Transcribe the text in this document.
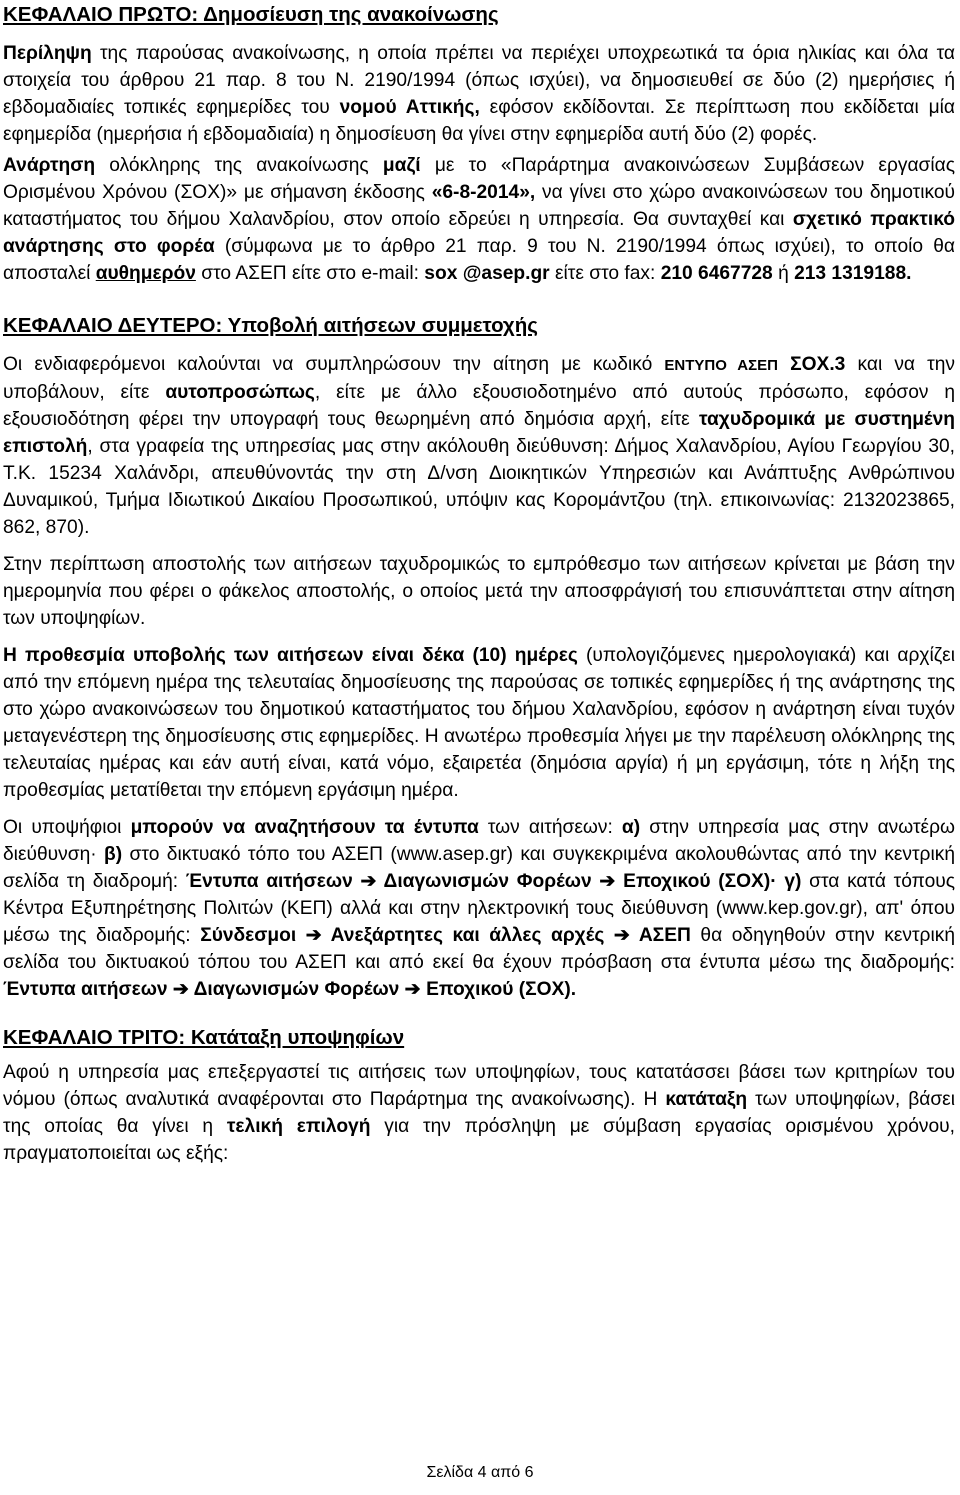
ΚΕΦΑΛΑΙΟ ΠΡΩΤΟ: Δημοσίευση της ανακοίνωσης

Περίληψη της παρούσας ανακοίνωσης, η οποία πρέπει να περιέχει υποχρεωτικά τα όρια ηλικίας και όλα τα στοιχεία του άρθρου 21 παρ. 8 του Ν. 2190/1994 (όπως ισχύει), να δημοσιευθεί σε δύο (2) ημερήσιες ή εβδομαδιαίες τοπικές εφημερίδες του νομού Αττικής, εφόσον εκδίδονται. Σε περίπτωση που εκδίδεται μία εφημερίδα (ημερήσια ή εβδομαδιαία) η δημοσίευση θα γίνει στην εφημερίδα αυτή δύο (2) φορές.

Ανάρτηση ολόκληρης της ανακοίνωσης μαζί με το «Παράρτημα ανακοινώσεων Συμβάσεων εργασίας Ορισμένου Χρόνου (ΣΟΧ)» με σήμανση έκδοσης «6-8-2014», να γίνει στο χώρο ανακοινώσεων του δημοτικού καταστήματος του δήμου Χαλανδρίου, στον οποίο εδρεύει η υπηρεσία. Θα συνταχθεί και σχετικό πρακτικό ανάρτησης στο φορέα (σύμφωνα με το άρθρο 21 παρ. 9 του Ν. 2190/1994 όπως ισχύει), το οποίο θα αποσταλεί αυθημερόν στο ΑΣΕΠ είτε στο e-mail: sox @asep.gr είτε στο fax: 210 6467728 ή 213 1319188.

ΚΕΦΑΛΑΙΟ ΔΕΥΤΕΡΟ: Υποβολή αιτήσεων συμμετοχής

Οι ενδιαφερόμενοι καλούνται να συμπληρώσουν την αίτηση με κωδικό ΕΝΤΥΠΟ ΑΣΕΠ ΣΟΧ.3 και να την υποβάλουν, είτε αυτοπροσώπως, είτε με άλλο εξουσιοδοτημένο από αυτούς πρόσωπο, εφόσον η εξουσιοδότηση φέρει την υπογραφή τους θεωρημένη από δημόσια αρχή, είτε ταχυδρομικά με συστημένη επιστολή, στα γραφεία της υπηρεσίας μας στην ακόλουθη διεύθυνση: Δήμος Χαλανδρίου, Αγίου Γεωργίου 30, Τ.Κ. 15234 Χαλάνδρι, απευθύνοντάς την στη Δ/νση Διοικητικών Υπηρεσιών και Ανάπτυξης Ανθρώπινου Δυναμικού, Τμήμα Ιδιωτικού Δικαίου Προσωπικού, υπόψιν κας Κορομάντζου (τηλ. επικοινωνίας: 2132023865, 862, 870).

Στην περίπτωση αποστολής των αιτήσεων ταχυδρομικώς το εμπρόθεσμο των αιτήσεων κρίνεται με βάση την ημερομηνία που φέρει ο φάκελος αποστολής, ο οποίος μετά την αποσφράγισή του επισυνάπτεται στην αίτηση των υποψηφίων.

Η προθεσμία υποβολής των αιτήσεων είναι δέκα (10) ημέρες (υπολογιζόμενες ημερολογιακά) και αρχίζει από την επόμενη ημέρα της τελευταίας δημοσίευσης της παρούσας σε τοπικές εφημερίδες ή της ανάρτησης της στο χώρο ανακοινώσεων του δημοτικού καταστήματος του δήμου Χαλανδρίου, εφόσον η ανάρτηση είναι τυχόν μεταγενέστερη της δημοσίευσης στις εφημερίδες. Η ανωτέρω προθεσμία λήγει με την παρέλευση ολόκληρης της τελευταίας ημέρας και εάν αυτή είναι, κατά νόμο, εξαιρετέα (δημόσια αργία) ή μη εργάσιμη, τότε η λήξη της προθεσμίας μετατίθεται την επόμενη εργάσιμη ημέρα.

Οι υποψήφιοι μπορούν να αναζητήσουν τα έντυπα των αιτήσεων: α) στην υπηρεσία μας στην ανωτέρω διεύθυνση· β) στο δικτυακό τόπο του ΑΣΕΠ (www.asep.gr) και συγκεκριμένα ακολουθώντας από την κεντρική σελίδα τη διαδρομή: Έντυπα αιτήσεων ➔ Διαγωνισμών Φορέων ➔ Εποχικού (ΣΟΧ)· γ) στα κατά τόπους Κέντρα Εξυπηρέτησης Πολιτών (ΚΕΠ) αλλά και στην ηλεκτρονική τους διεύθυνση (www.kep.gov.gr), απ' όπου μέσω της διαδρομής: Σύνδεσμοι ➔ Ανεξάρτητες και άλλες αρχές ➔ ΑΣΕΠ θα οδηγηθούν στην κεντρική σελίδα του δικτυακού τόπου του ΑΣΕΠ και από εκεί θα έχουν πρόσβαση στα έντυπα μέσω της διαδρομής: Έντυπα αιτήσεων ➔ Διαγωνισμών Φορέων ➔ Εποχικού (ΣΟΧ).

ΚΕΦΑΛΑΙΟ ΤΡΙΤΟ: Κατάταξη υποψηφίων

Αφού η υπηρεσία μας επεξεργαστεί τις αιτήσεις των υποψηφίων, τους κατατάσσει βάσει των κριτηρίων του νόμου (όπως αναλυτικά αναφέρονται στο Παράρτημα της ανακοίνωσης). Η κατάταξη των υποψηφίων, βάσει της οποίας θα γίνει η τελική επιλογή για την πρόσληψη με σύμβαση εργασίας ορισμένου χρόνου, πραγματοποιείται ως εξής:

Σελίδα 4 από 6
